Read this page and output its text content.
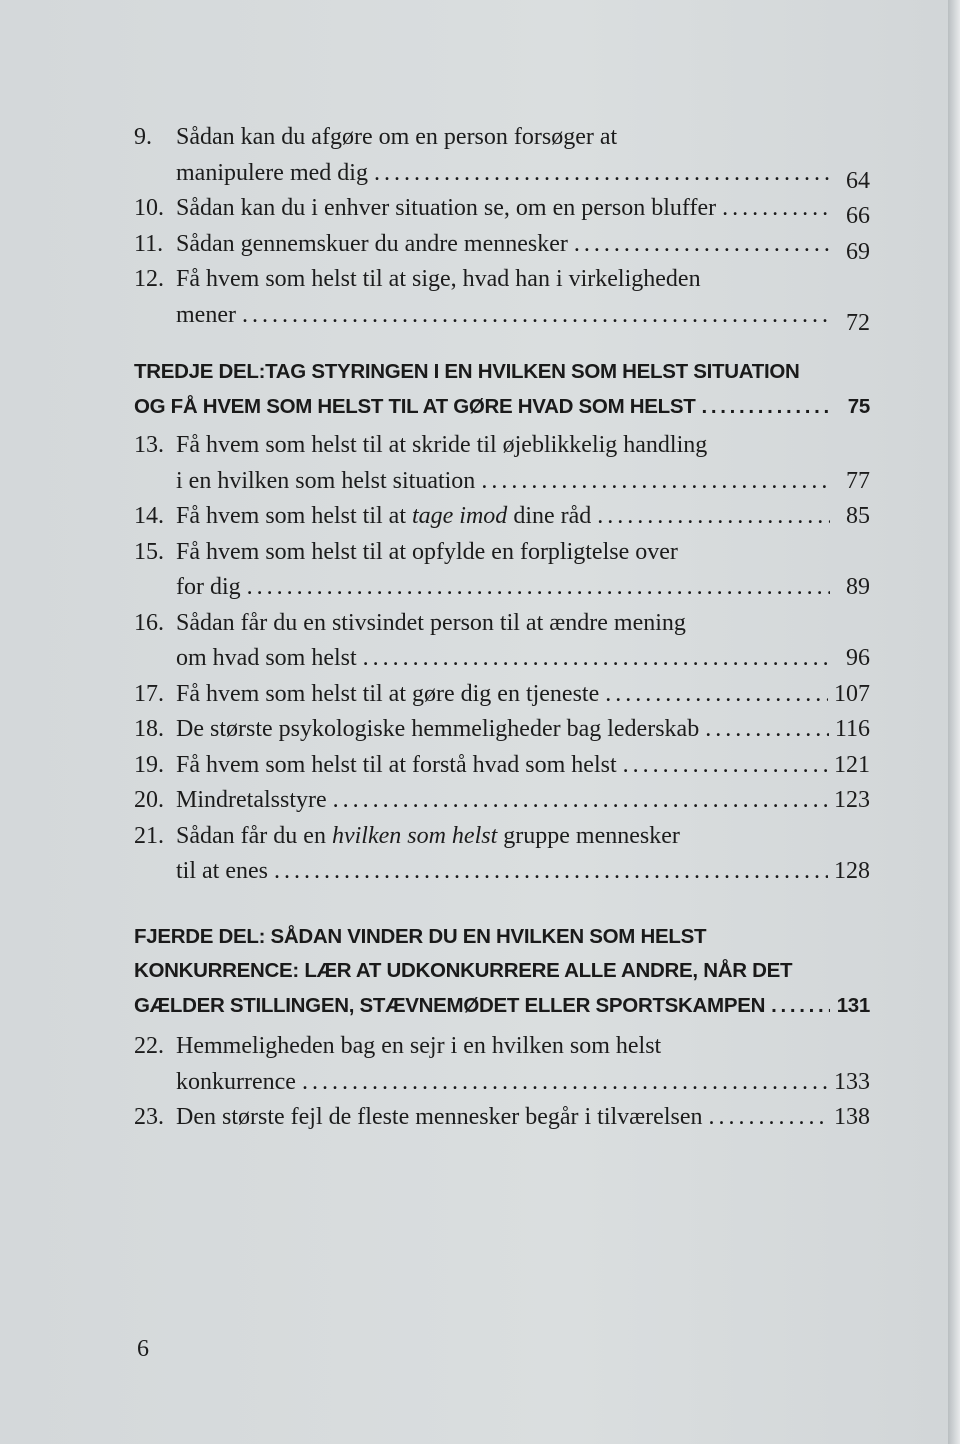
9.	Sådan kan du afgøre om en person forsøger at
manipulere med dig . . .	64
10. Sådan kan du i enhver situation se, om en person bluffer . . .	66
11. Sådan gennemskuer du andre mennesker . . .	69
12. Få hvem som helst til at sige, hvad han i virkeligheden
mener . . .	72
TREDJE DEL:TAG STYRINGEN I EN HVILKEN SOM HELST SITUATION
OG FÅ HVEM SOM HELST TIL AT GØRE HVAD SOM HELST . . .	75
13. Få hvem som helst til at skride til øjeblikkelig handling
i en hvilken som helst situation . . .	77
14. Få hvem som helst til at tage imod dine råd . . .	85
15. Få hvem som helst til at opfylde en forpligtelse over
for dig . . .	89
16. Sådan får du en stivsindet person til at ændre mening
om hvad som helst . . .	96
17. Få hvem som helst til at gøre dig en tjeneste . . .	107
18. De største psykologiske hemmeligheder bag lederskab . . .	116
19. Få hvem som helst til at forstå hvad som helst . . .	121
20. Mindretalsstyre . . .	123
21. Sådan får du en hvilken som helst gruppe mennesker
til at enes . . .	128
FJERDE DEL: SÅDAN VINDER DU EN HVILKEN SOM HELST
KONKURRENCE: LÆR AT UDKONKURRERE ALLE ANDRE, NÅR DET
GÆLDER STILLINGEN, STÆVNEMØDET ELLER SPORTSKAMPEN . . .	131
22. Hemmeligheden bag en sejr i en hvilken som helst
konkurrence . . .	133
23. Den største fejl de fleste mennesker begår i tilværelsen . . .	138
6
